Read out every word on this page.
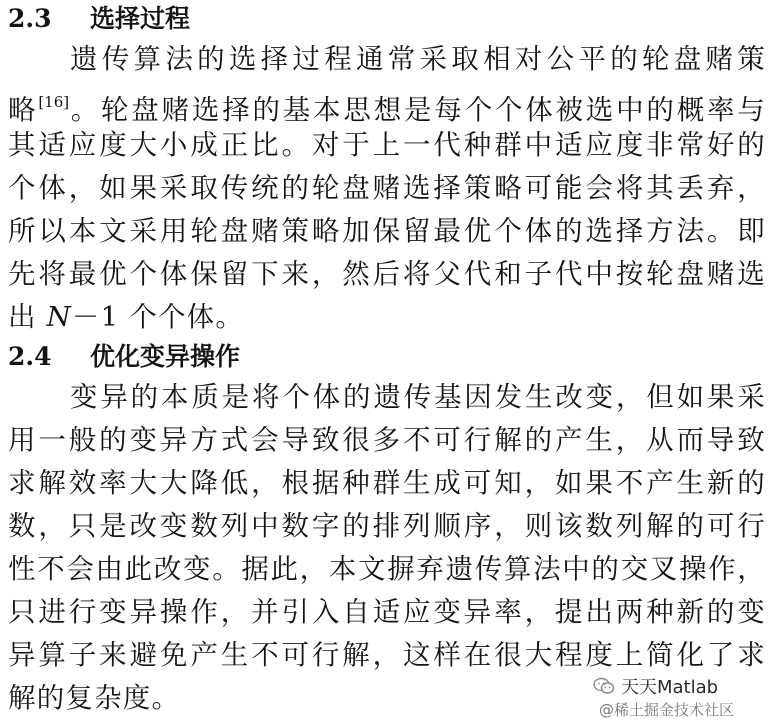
2.3 选择过程
遗传算法的选择过程通常采取相对公平的轮盘赌策
略[16]。轮盘赌选择的基本思想是每个个体被选中的概率与
其适应度大小成正比。对于上一代种群中适应度非常好的
个体，如果采取传统的轮盘赌选择策略可能会将其丢弃，
所以本文采用轮盘赌策略加保留最优个体的选择方法。即
先将最优个体保留下来，然后将父代和子代中按轮盘赌选
出 N－1 个个体。
2.4 优化变异操作
变异的本质是将个体的遗传基因发生改变，但如果采
用一般的变异方式会导致很多不可行解的产生，从而导致
求解效率大大降低，根据种群生成可知，如果不产生新的
数，只是改变数列中数字的排列顺序，则该数列解的可行
性不会由此改变。据此，本文摒弃遗传算法中的交叉操作，
只进行变异操作，并引入自适应变异率，提出两种新的变
异算子来避免产生不可行解，这样在很大程度上简化了求
解的复杂度。	天天Matlab
@稀土掘金技术社区
